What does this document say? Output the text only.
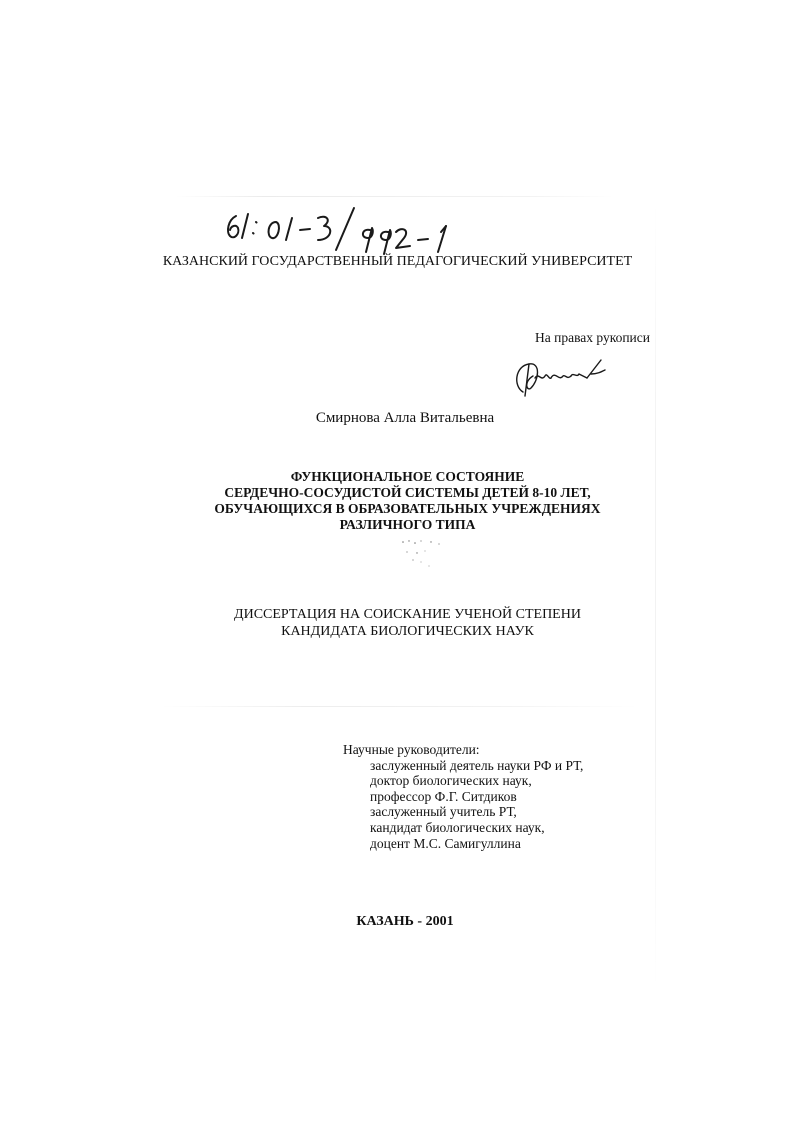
КАЗАНСКИЙ ГОСУДАРСТВЕННЫЙ ПЕДАГОГИЧЕСКИЙ УНИВЕРСИТЕТ
На правах рукописи
Смирнова Алла Витальевна
ФУНКЦИОНАЛЬНОЕ СОСТОЯНИЕ
СЕРДЕЧНО-СОСУДИСТОЙ СИСТЕМЫ ДЕТЕЙ 8-10 ЛЕТ,
ОБУЧАЮЩИХСЯ В ОБРАЗОВАТЕЛЬНЫХ УЧРЕЖДЕНИЯХ
РАЗЛИЧНОГО ТИПА
ДИССЕРТАЦИЯ НА СОИСКАНИЕ УЧЕНОЙ СТЕПЕНИ
КАНДИДАТА БИОЛОГИЧЕСКИХ НАУК
Научные руководители:
заслуженный деятель науки РФ и РТ,
доктор биологических наук,
профессор Ф.Г. Ситдиков
заслуженный учитель РТ,
кандидат биологических наук,
доцент М.С. Самигуллина
КАЗАНЬ - 2001
